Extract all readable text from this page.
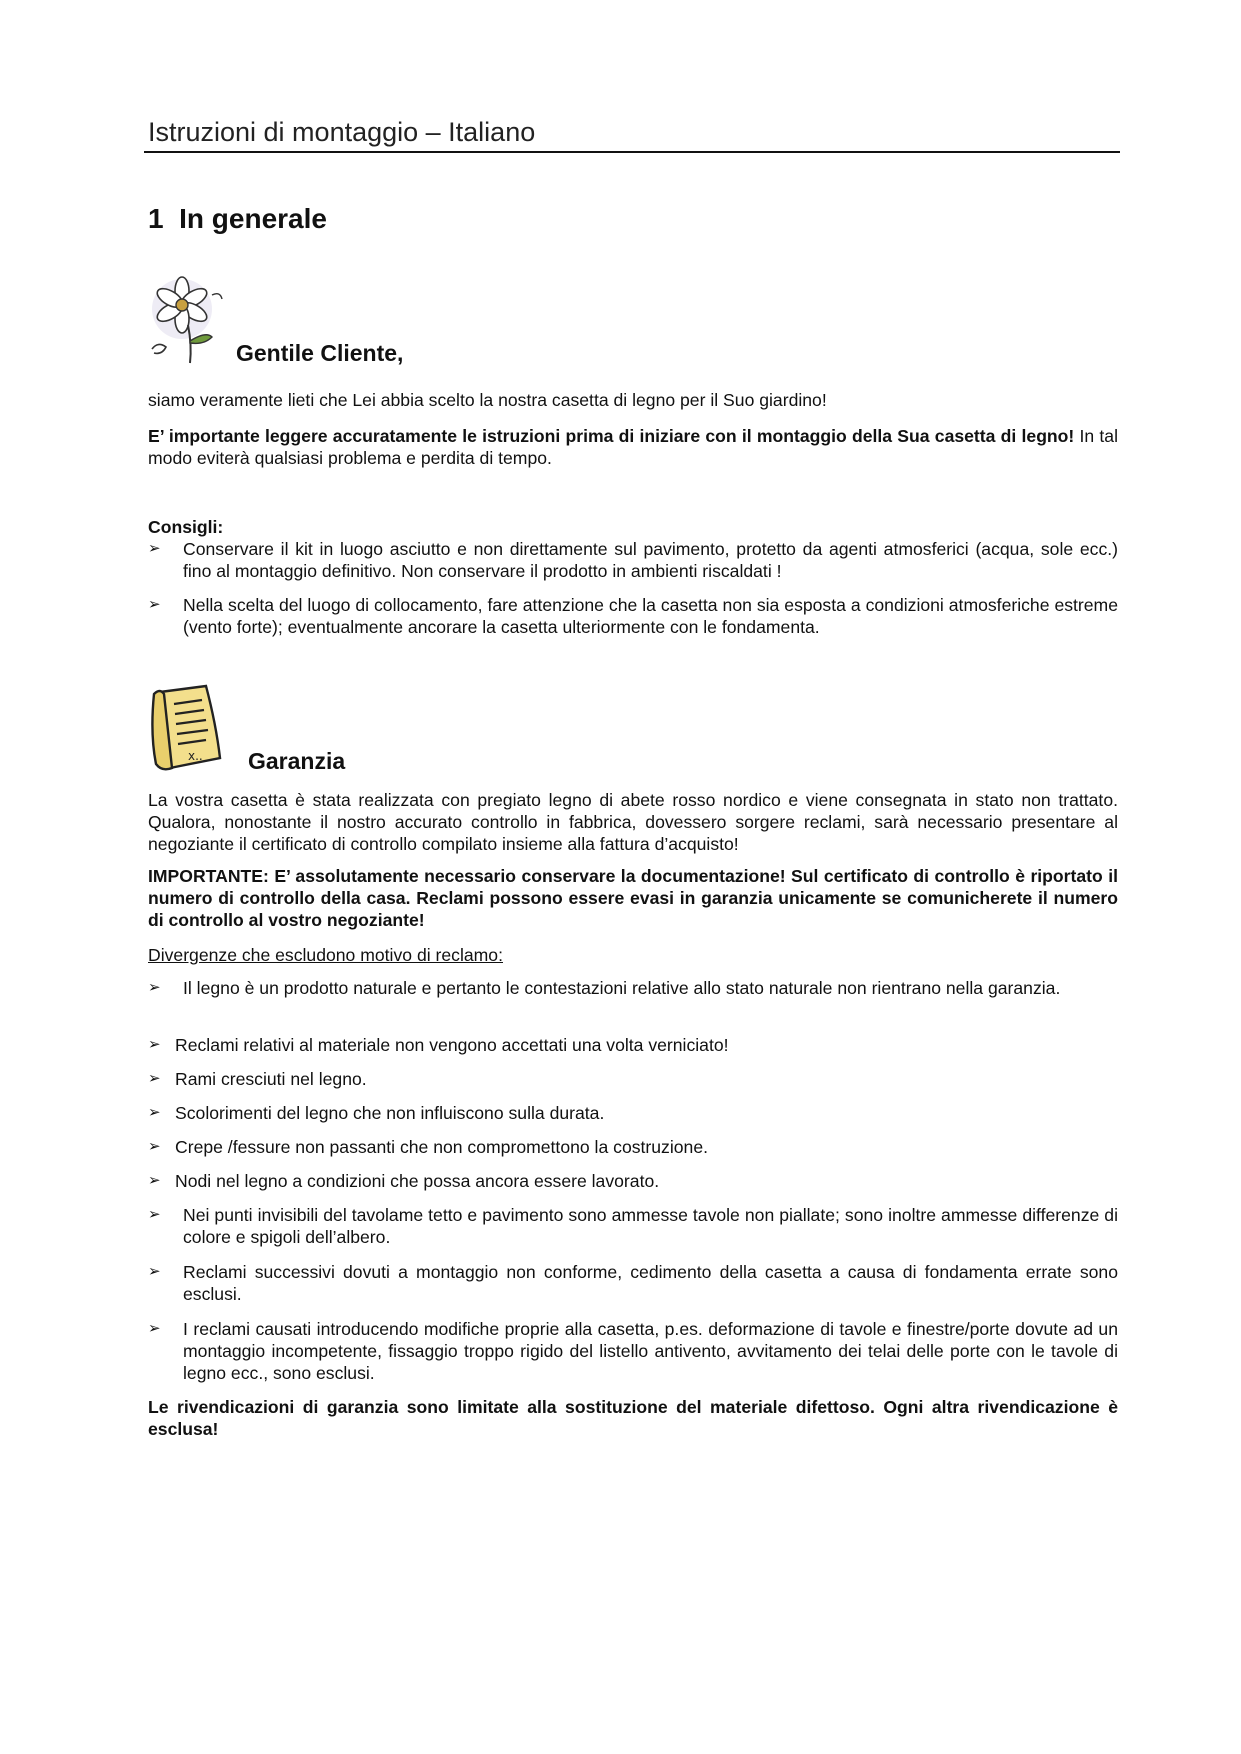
Istruzioni di montaggio – Italiano
1 In generale
Gentile Cliente,
siamo veramente lieti che Lei abbia scelto la nostra casetta di legno per il Suo giardino!
E’ importante leggere accuratamente le istruzioni prima di iniziare con il montaggio della Sua casetta di legno! In tal modo eviterà qualsiasi problema e perdita di tempo.
Consigli:
➢ Conservare il kit in luogo asciutto e non direttamente sul pavimento, protetto da agenti atmosferici (acqua, sole ecc.) fino al montaggio definitivo. Non conservare il prodotto in ambienti riscaldati !
➢ Nella scelta del luogo di collocamento, fare attenzione che la casetta non sia esposta a condizioni atmosferiche estreme (vento forte); eventualmente ancorare la casetta ulteriormente con le fondamenta.
x.. Garanzia
La vostra casetta è stata realizzata con pregiato legno di abete rosso nordico e viene consegnata in stato non trattato. Qualora, nonostante il nostro accurato controllo in fabbrica, dovessero sorgere reclami, sarà necessario presentare al negoziante il certificato di controllo compilato insieme alla fattura d’acquisto!
IMPORTANTE: E’ assolutamente necessario conservare la documentazione! Sul certificato di controllo è riportato il numero di controllo della casa. Reclami possono essere evasi in garanzia unicamente se comunicherete il numero di controllo al vostro negoziante!
Divergenze che escludono motivo di reclamo:
➢ Il legno è un prodotto naturale e pertanto le contestazioni relative allo stato naturale non rientrano nella garanzia.
➢ Reclami relativi al materiale non vengono accettati una volta verniciato!
➢ Rami cresciuti nel legno.
➢ Scolorimenti del legno che non influiscono sulla durata.
➢ Crepe /fessure non passanti che non compromettono la costruzione.
➢ Nodi nel legno a condizioni che possa ancora essere lavorato.
➢ Nei punti invisibili del tavolame tetto e pavimento sono ammesse tavole non piallate; sono inoltre ammesse differenze di colore e spigoli dell’albero.
➢ Reclami successivi dovuti a montaggio non conforme, cedimento della casetta a causa di fondamenta errate sono esclusi.
➢ I reclami causati introducendo modifiche proprie alla casetta, p.es. deformazione di tavole e finestre/porte dovute ad un montaggio incompetente, fissaggio troppo rigido del listello antivento, avvitamento dei telai delle porte con le tavole di legno ecc., sono esclusi.
Le rivendicazioni di garanzia sono limitate alla sostituzione del materiale difettoso. Ogni altra rivendicazione è esclusa!
